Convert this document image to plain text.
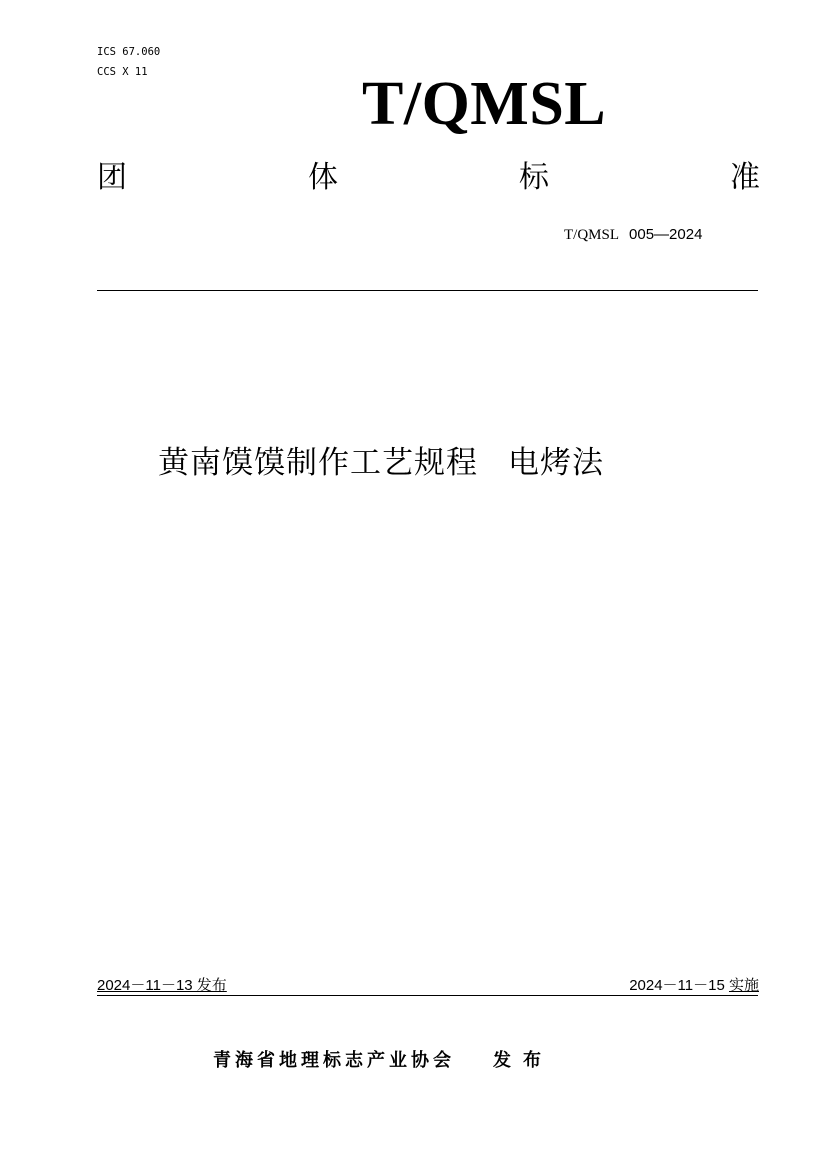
ICS 67.060
CCS X 11	T/QMSL
团	体	标	准
T/QMSL 005—2024
黄南馍馍制作工艺规程 电烤法
2024－11－13 发布	2024－11－15 实施
青海省地理标志产业协会 发布
